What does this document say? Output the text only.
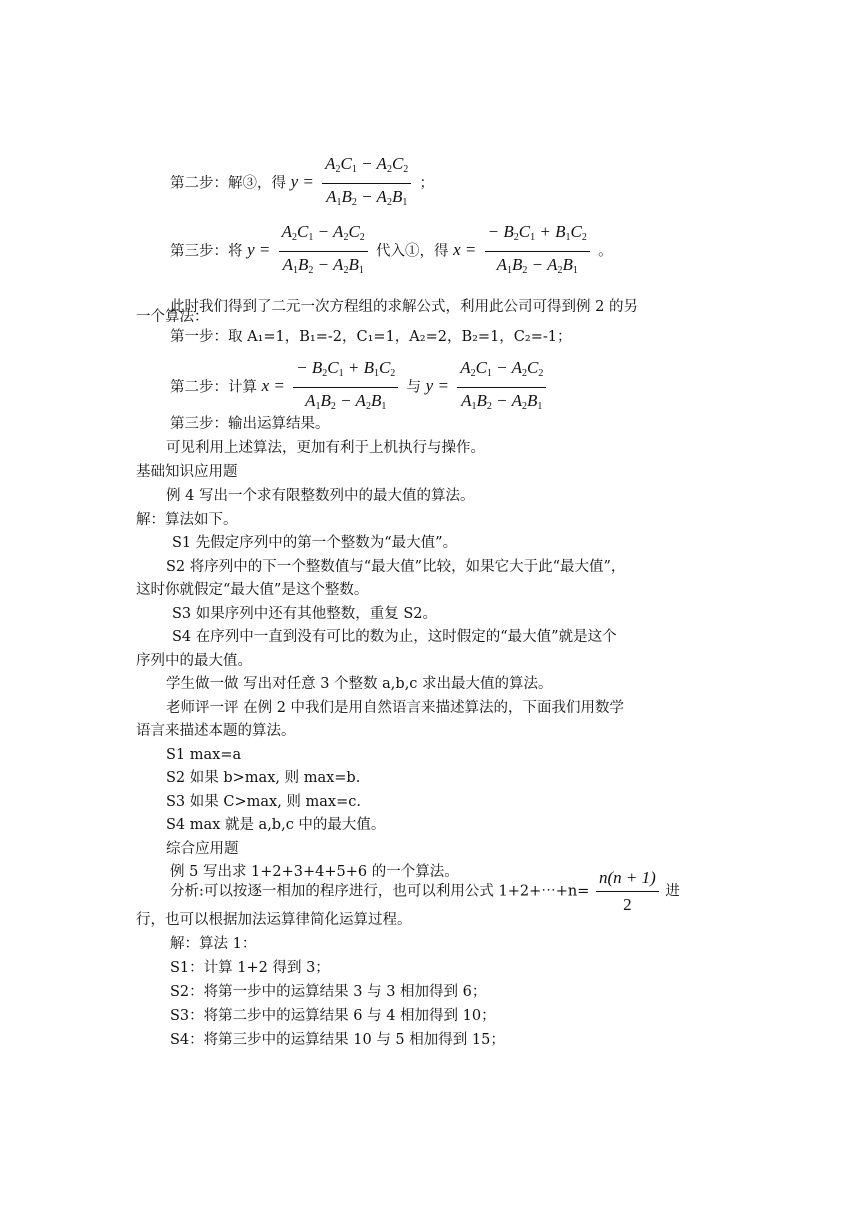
第二步：解③，得 $y = \frac{A_2C_1 - A_2C_2}{A_1B_2 - A_2B_1}$ ；
第三步：将 $y = \frac{A_2C_1 - A_2C_2}{A_1B_2 - A_2B_1}$ 代入①，得 $x = \frac{- B_2C_1 + B_1C_2}{A_1B_2 - A_2B_1}$ 。
此时我们得到了二元一次方程组的求解公式，利用此公司可得到例 2 的另
一个算法：
第一步：取 A₁=1，B₁=-2，C₁=1，A₂=2，B₂=1，C₂=-1；
第二步：计算 $x = \frac{- B_2C_1 + B_1C_2}{A_1B_2 - A_2B_1}$ 与 $y = \frac{A_2C_1 - A_2C_2}{A_1B_2 - A_2B_1}$
第三步：输出运算结果。
可见利用上述算法，更加有利于上机执行与操作。
基础知识应用题
例 4 写出一个求有限整数列中的最大值的算法。
解：算法如下。
S1 先假定序列中的第一个整数为“最大值”。
S2 将序列中的下一个整数值与“最大值”比较，如果它大于此“最大值”，
这时你就假定“最大值”是这个整数。
S3 如果序列中还有其他整数，重复 S2。
S4 在序列中一直到没有可比的数为止，这时假定的“最大值”就是这个
序列中的最大值。
学生做一做 写出对任意 3 个整数 a,b,c 求出最大值的算法。
老师评一评 在例 2 中我们是用自然语言来描述算法的，下面我们用数学
语言来描述本题的算法。
S1 max=a
S2 如果 b>max, 则 max=b.
S3 如果 C>max, 则 max=c.
S4 max 就是 a,b,c 中的最大值。
综合应用题
例 5 写出求 1+2+3+4+5+6 的一个算法。
分析:可以按逐一相加的程序进行，也可以利用公式 1+2+⋯+n= $\frac{n(n + 1)}{2}$ 进
行，也可以根据加法运算律简化运算过程。
解：算法 1：
S1：计算 1+2 得到 3；
S2：将第一步中的运算结果 3 与 3 相加得到 6；
S3：将第二步中的运算结果 6 与 4 相加得到 10；
S4：将第三步中的运算结果 10 与 5 相加得到 15；
